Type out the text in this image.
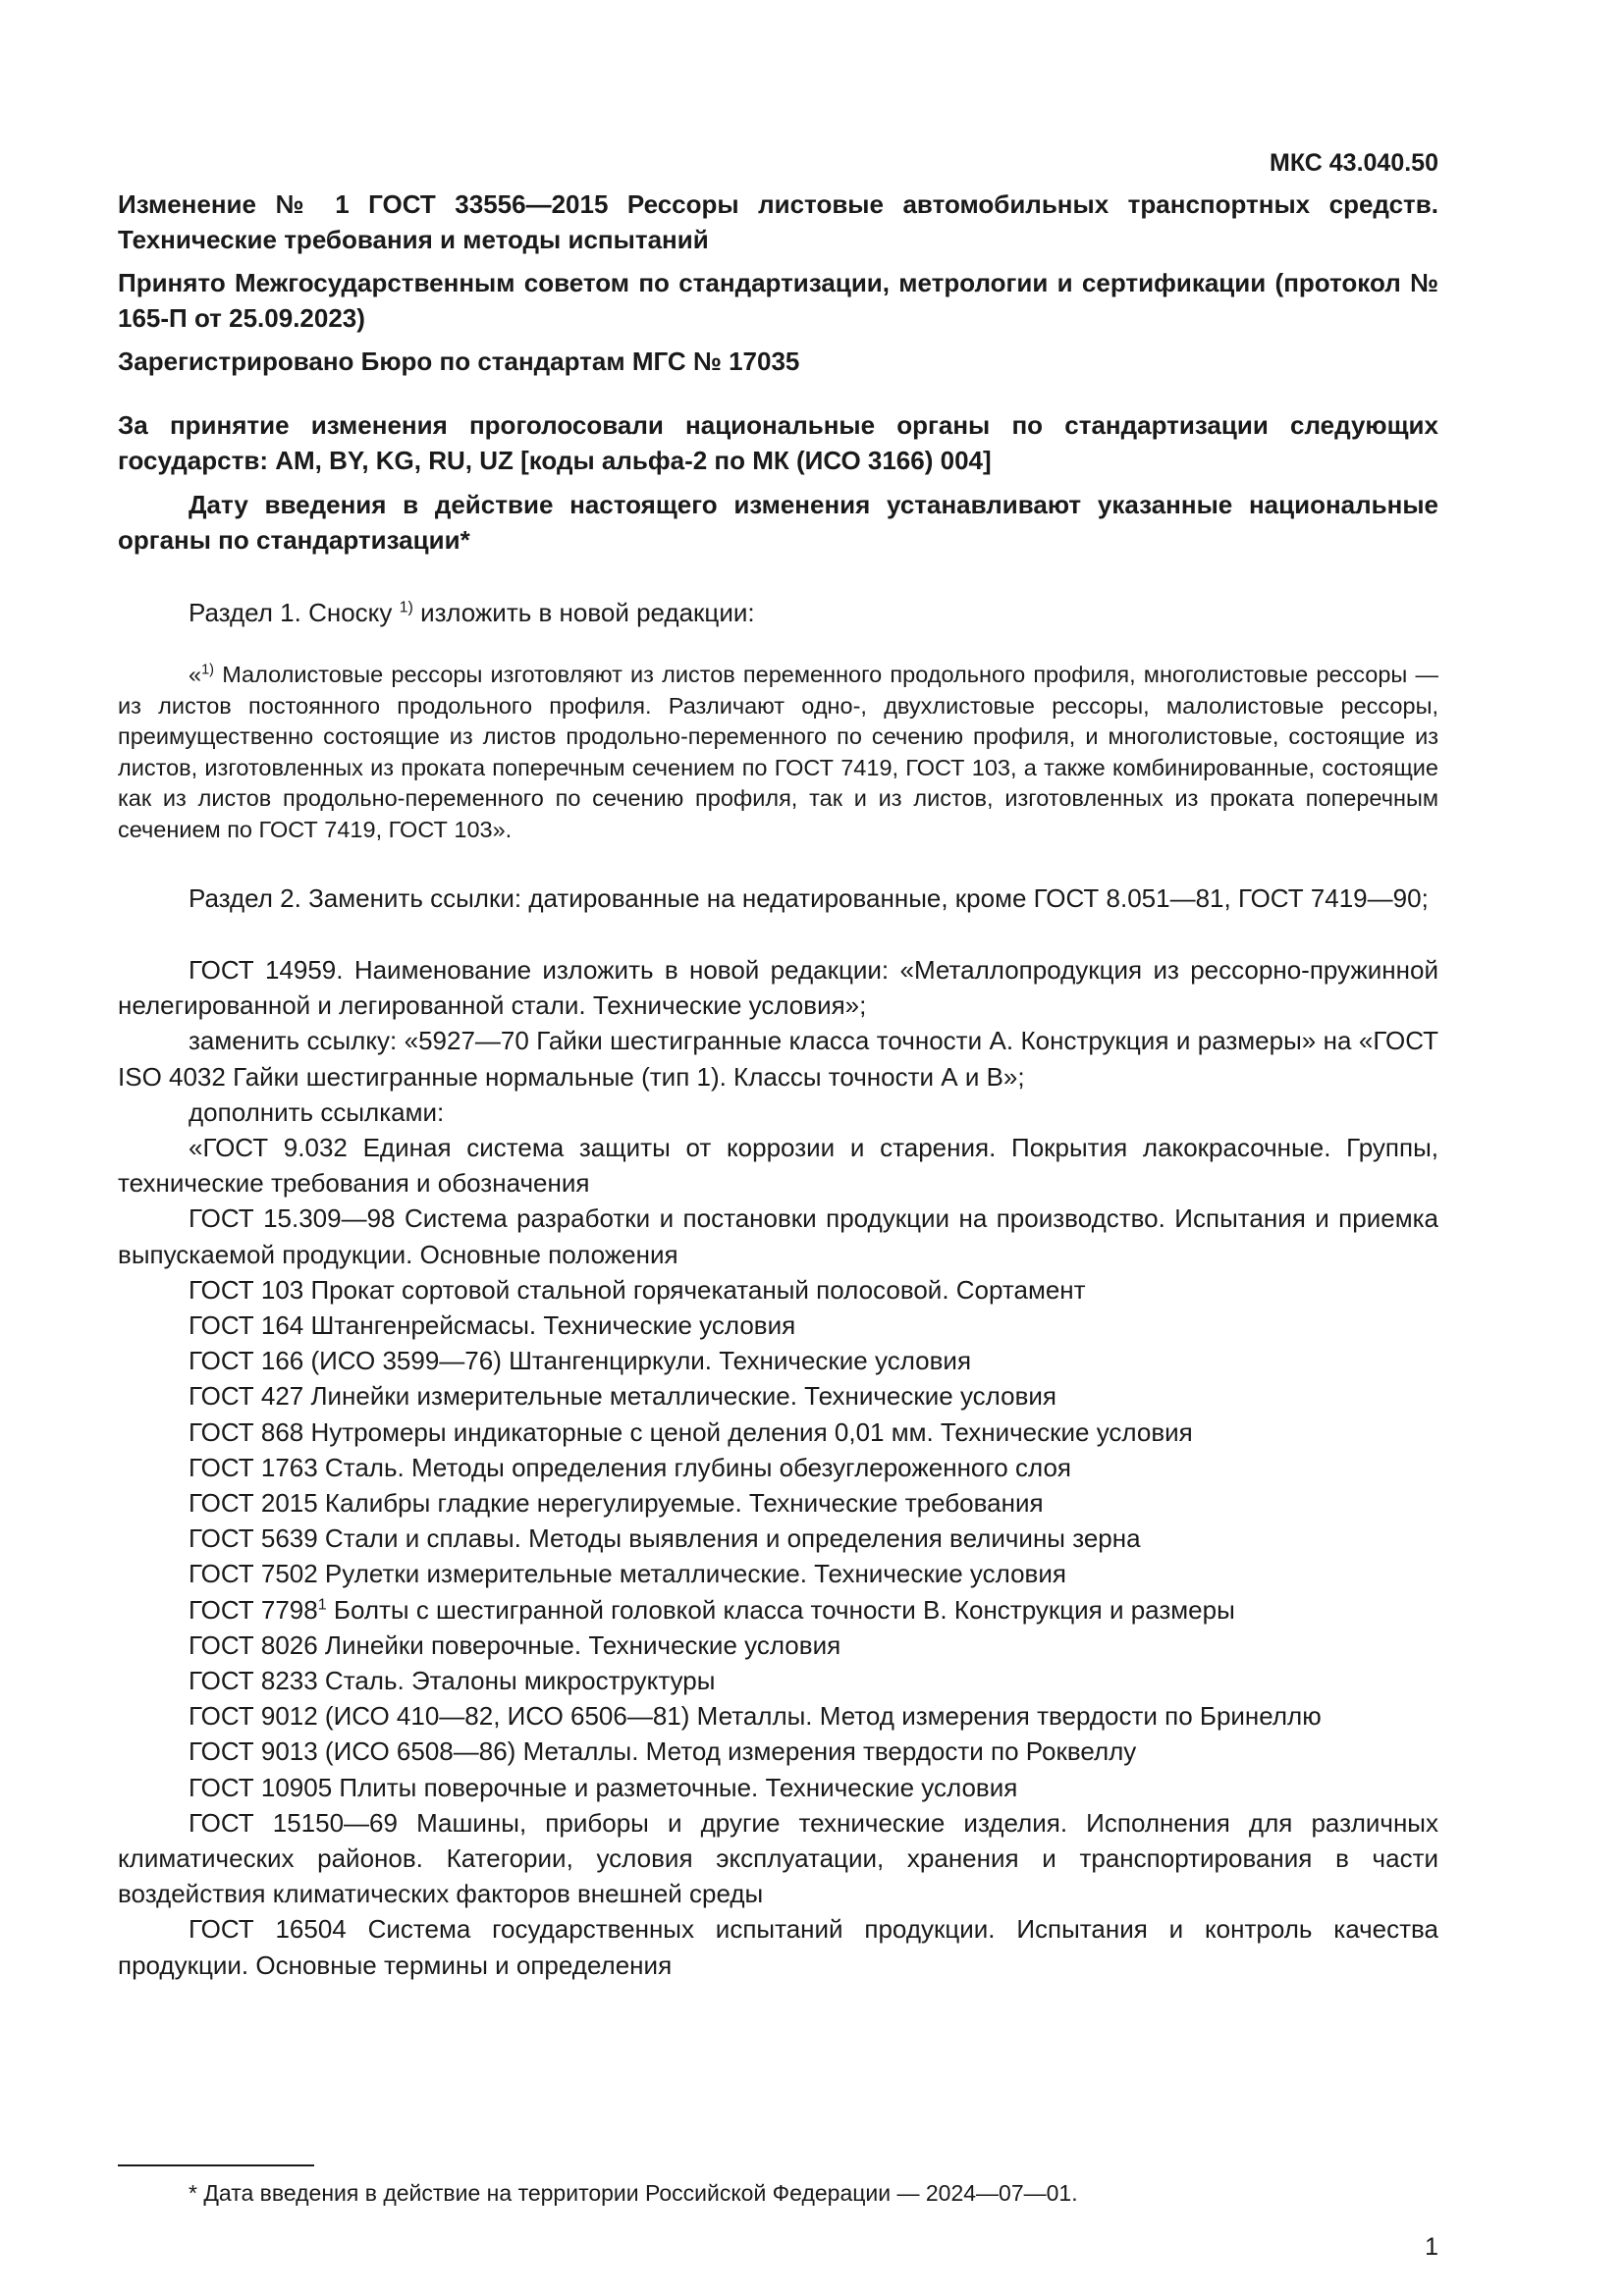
МКС 43.040.50
Изменение № 1 ГОСТ 33556—2015 Рессоры листовые автомобильных транспортных средств. Технические требования и методы испытаний
Принято Межгосударственным советом по стандартизации, метрологии и сертификации (протокол № 165-П от 25.09.2023)
Зарегистрировано Бюро по стандартам МГС № 17035
За принятие изменения проголосовали национальные органы по стандартизации следующих государств: AM, BY, KG, RU, UZ [коды альфа-2 по МК (ИСО 3166) 004]
Дату введения в действие настоящего изменения устанавливают указанные национальные органы по стандартизации*
Раздел 1. Сноску $^{1)}$ изложить в новой редакции:
«$^{1)}$ Малолистовые рессоры изготовляют из листов переменного продольного профиля, многолистовые рессоры — из листов постоянного продольного профиля. Различают одно-, двухлистовые рессоры, малолистовые рессоры, преимущественно состоящие из листов продольно-переменного по сечению профиля, и многолистовые, состоящие из листов, изготовленных из проката поперечным сечением по ГОСТ 7419, ГОСТ 103, а также комбинированные, состоящие как из листов продольно-переменного по сечению профиля, так и из листов, изготовленных из проката поперечным сечением по ГОСТ 7419, ГОСТ 103».
Раздел 2. Заменить ссылки: датированные на недатированные, кроме ГОСТ 8.051—81, ГОСТ 7419—90;
ГОСТ 14959. Наименование изложить в новой редакции: «Металлопродукция из рессорно-пружинной нелегированной и легированной стали. Технические условия»;
заменить ссылку: «5927—70 Гайки шестигранные класса точности А. Конструкция и размеры» на «ГОСТ ISO 4032 Гайки шестигранные нормальные (тип 1). Классы точности А и В»;
дополнить ссылками:
«ГОСТ 9.032 Единая система защиты от коррозии и старения. Покрытия лакокрасочные. Группы, технические требования и обозначения
ГОСТ 15.309—98 Система разработки и постановки продукции на производство. Испытания и приемка выпускаемой продукции. Основные положения
ГОСТ 103 Прокат сортовой стальной горячекатаный полосовой. Сортамент
ГОСТ 164 Штангенрейсмасы. Технические условия
ГОСТ 166 (ИСО 3599—76) Штангенциркули. Технические условия
ГОСТ 427 Линейки измерительные металлические. Технические условия
ГОСТ 868 Нутромеры индикаторные с ценой деления 0,01 мм. Технические условия
ГОСТ 1763 Сталь. Методы определения глубины обезуглероженного слоя
ГОСТ 2015 Калибры гладкие нерегулируемые. Технические требования
ГОСТ 5639 Стали и сплавы. Методы выявления и определения величины зерна
ГОСТ 7502 Рулетки измерительные металлические. Технические условия
ГОСТ 7798$^1$ Болты с шестигранной головкой класса точности В. Конструкция и размеры
ГОСТ 8026 Линейки поверочные. Технические условия
ГОСТ 8233 Сталь. Эталоны микроструктуры
ГОСТ 9012 (ИСО 410—82, ИСО 6506—81) Металлы. Метод измерения твердости по Бринеллю
ГОСТ 9013 (ИСО 6508—86) Металлы. Метод измерения твердости по Роквеллу
ГОСТ 10905 Плиты поверочные и разметочные. Технические условия
ГОСТ 15150—69 Машины, приборы и другие технические изделия. Исполнения для различных климатических районов. Категории, условия эксплуатации, хранения и транспортирования в части воздействия климатических факторов внешней среды
ГОСТ 16504 Система государственных испытаний продукции. Испытания и контроль качества продукции. Основные термины и определения
* Дата введения в действие на территории Российской Федерации — 2024—07—01.
1
